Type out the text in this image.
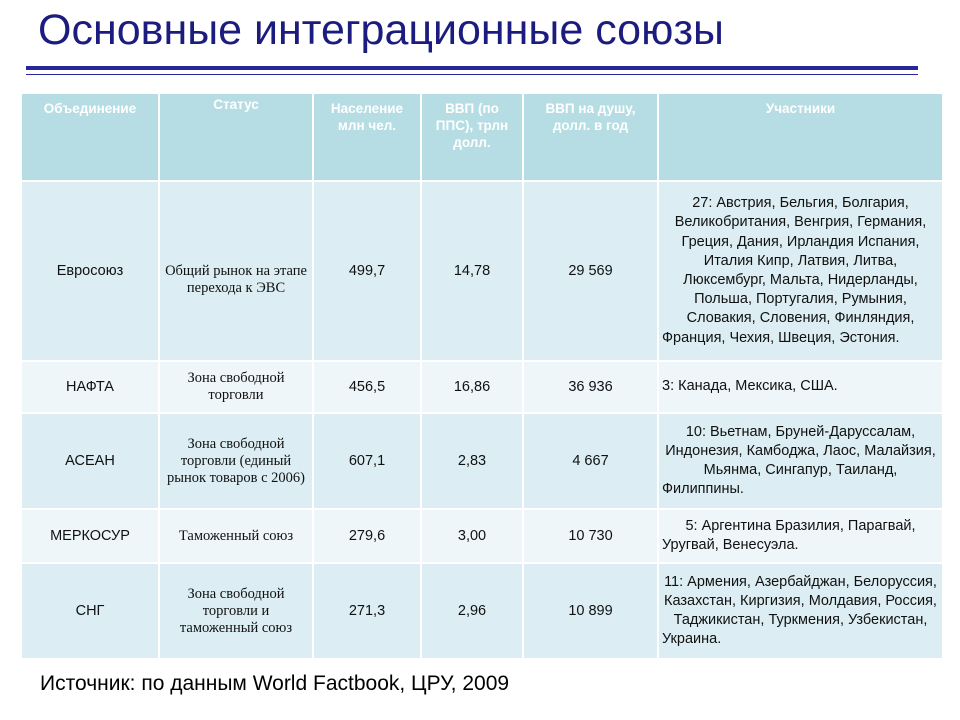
Основные интеграционные союзы
Объединение	Статус	Население млн чел.	ВВП (по ППС), трлн долл.	ВВП на душу, долл. в год	Участники
Евросоюз	Общий рынок на этапе перехода к ЭВС	499,7	14,78	29 569	27: Австрия, Бельгия, Болгария, Великобритания, Венгрия, Германия, Греция, Дания, Ирландия Испания, Италия Кипр, Латвия, Литва, Люксембург, Мальта, Нидерланды, Польша, Португалия, Румыния, Словакия, Словения, Финляндия, Франция, Чехия, Швеция, Эстония.
НАФТА	Зона свободной торговли	456,5	16,86	36 936	3: Канада, Мексика, США.
АСЕАН	Зона свободной торговли (единый рынок товаров с 2006)	607,1	2,83	4 667	10: Вьетнам, Бруней-Даруссалам, Индонезия, Камбоджа, Лаос, Малайзия, Мьянма, Сингапур, Таиланд, Филиппины.
МЕРКОСУР	Таможенный союз	279,6	3,00	10 730	5: Аргентина Бразилия, Парагвай, Уругвай, Венесуэла.
СНГ	Зона свободной торговли и таможенный союз	271,3	2,96	10 899	11: Армения, Азербайджан, Белоруссия, Казахстан, Киргизия, Молдавия, Россия, Таджикистан, Туркмения, Узбекистан, Украина.
Источник: по данным World Factbook, ЦРУ, 2009
